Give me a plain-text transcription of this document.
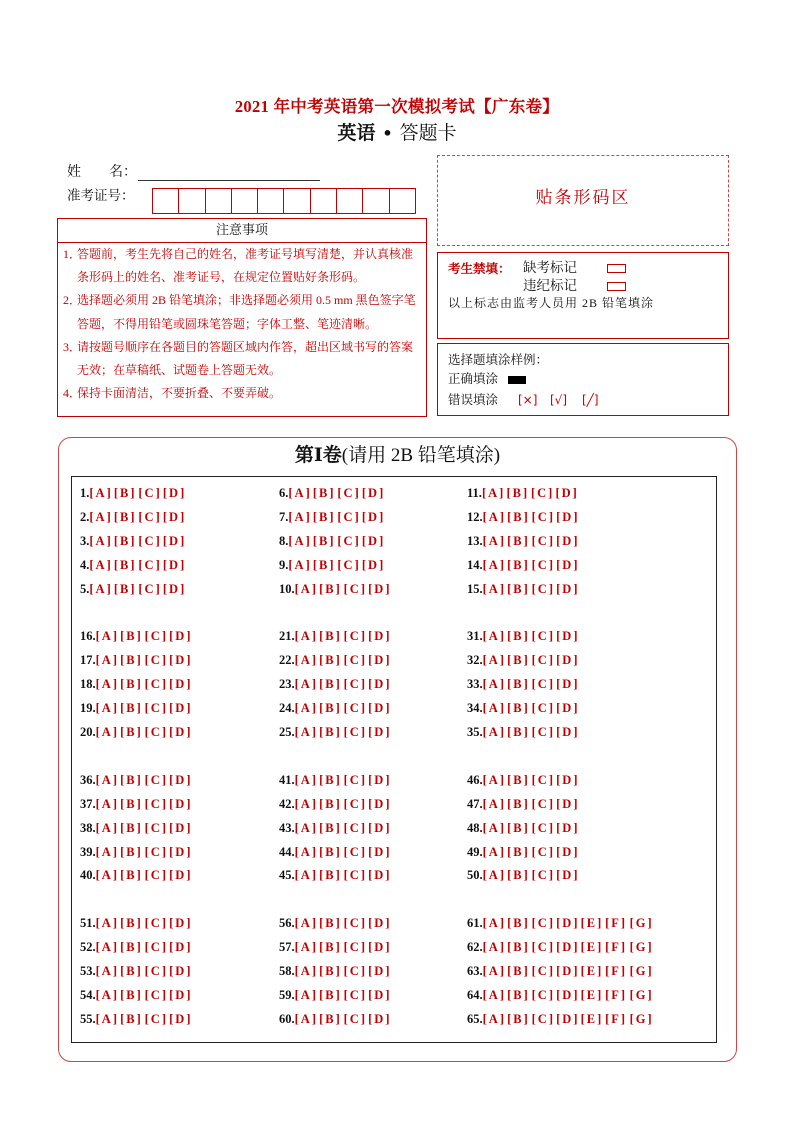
2021 年中考英语第一次模拟考试【广东卷】
英语 • 答题卡
姓　　名：
准考证号：	贴条形码区
注意事项
1．
答题前，考生先将自己的姓名，准考证号填写清楚，并认真核准
条形码上的姓名、准考证号，在规定位置贴好条形码。
2．
选择题必须用 2B 铅笔填涂；非选择题必须用 0.5 mm 黑色签字笔
答题，不得用铅笔或圆珠笔答题；字体工整、笔迹清晰。
3．
请按题号顺序在各题目的答题区域内作答，超出区域书写的答案
无效；在草稿纸、试题卷上答题无效。
4．
保持卡面清洁，不要折叠、不要弄破。
考生禁填： 缺考标记
违纪标记
以上标志由监考人员用 2B 铅笔填涂
选择题填涂样例：
正确填涂
错误填涂 [×] [√] [╱]
第Ⅰ卷(请用 2B 铅笔填涂)
1.[A][B] [C][D]
2.[A][B] [C][D]
3.[A][B] [C][D]
4.[A][B] [C][D]
5.[A][B] [C][D]
6.[A][B] [C][D]
7.[A][B] [C][D]
8.[A][B] [C][D]
9.[A][B] [C][D]
10.[A][B] [C][D]
11.[A][B] [C][D]
12.[A][B] [C][D]
13.[A][B] [C][D]
14.[A][B] [C][D]
15.[A][B] [C][D]
16.[A][B] [C][D]
17.[A][B] [C][D]
18.[A][B] [C][D]
19.[A][B] [C][D]
20.[A][B] [C][D]
21.[A][B] [C][D]
22.[A][B] [C][D]
23.[A][B] [C][D]
24.[A][B] [C][D]
25.[A][B] [C][D]
31.[A][B] [C][D]
32.[A][B] [C][D]
33.[A][B] [C][D]
34.[A][B] [C][D]
35.[A][B] [C][D]
36.[A][B] [C][D]
37.[A][B] [C][D]
38.[A][B] [C][D]
39.[A][B] [C][D]
40.[A][B] [C][D]
41.[A][B] [C][D]
42.[A][B] [C][D]
43.[A][B] [C][D]
44.[A][B] [C][D]
45.[A][B] [C][D]
46.[A][B] [C][D]
47.[A][B] [C][D]
48.[A][B] [C][D]
49.[A][B] [C][D]
50.[A][B] [C][D]
51.[A][B] [C][D]
52.[A][B] [C][D]
53.[A][B] [C][D]
54.[A][B] [C][D]
55.[A][B] [C][D]
56.[A][B] [C][D]
57.[A][B] [C][D]
58.[A][B] [C][D]
59.[A][B] [C][D]
60.[A][B] [C][D]
61.[A][B] [C][D][E] [F] [G]
62.[A][B] [C][D][E] [F] [G]
63.[A][B] [C][D][E] [F] [G]
64.[A][B] [C][D][E] [F] [G]
65.[A][B] [C][D][E] [F] [G]
